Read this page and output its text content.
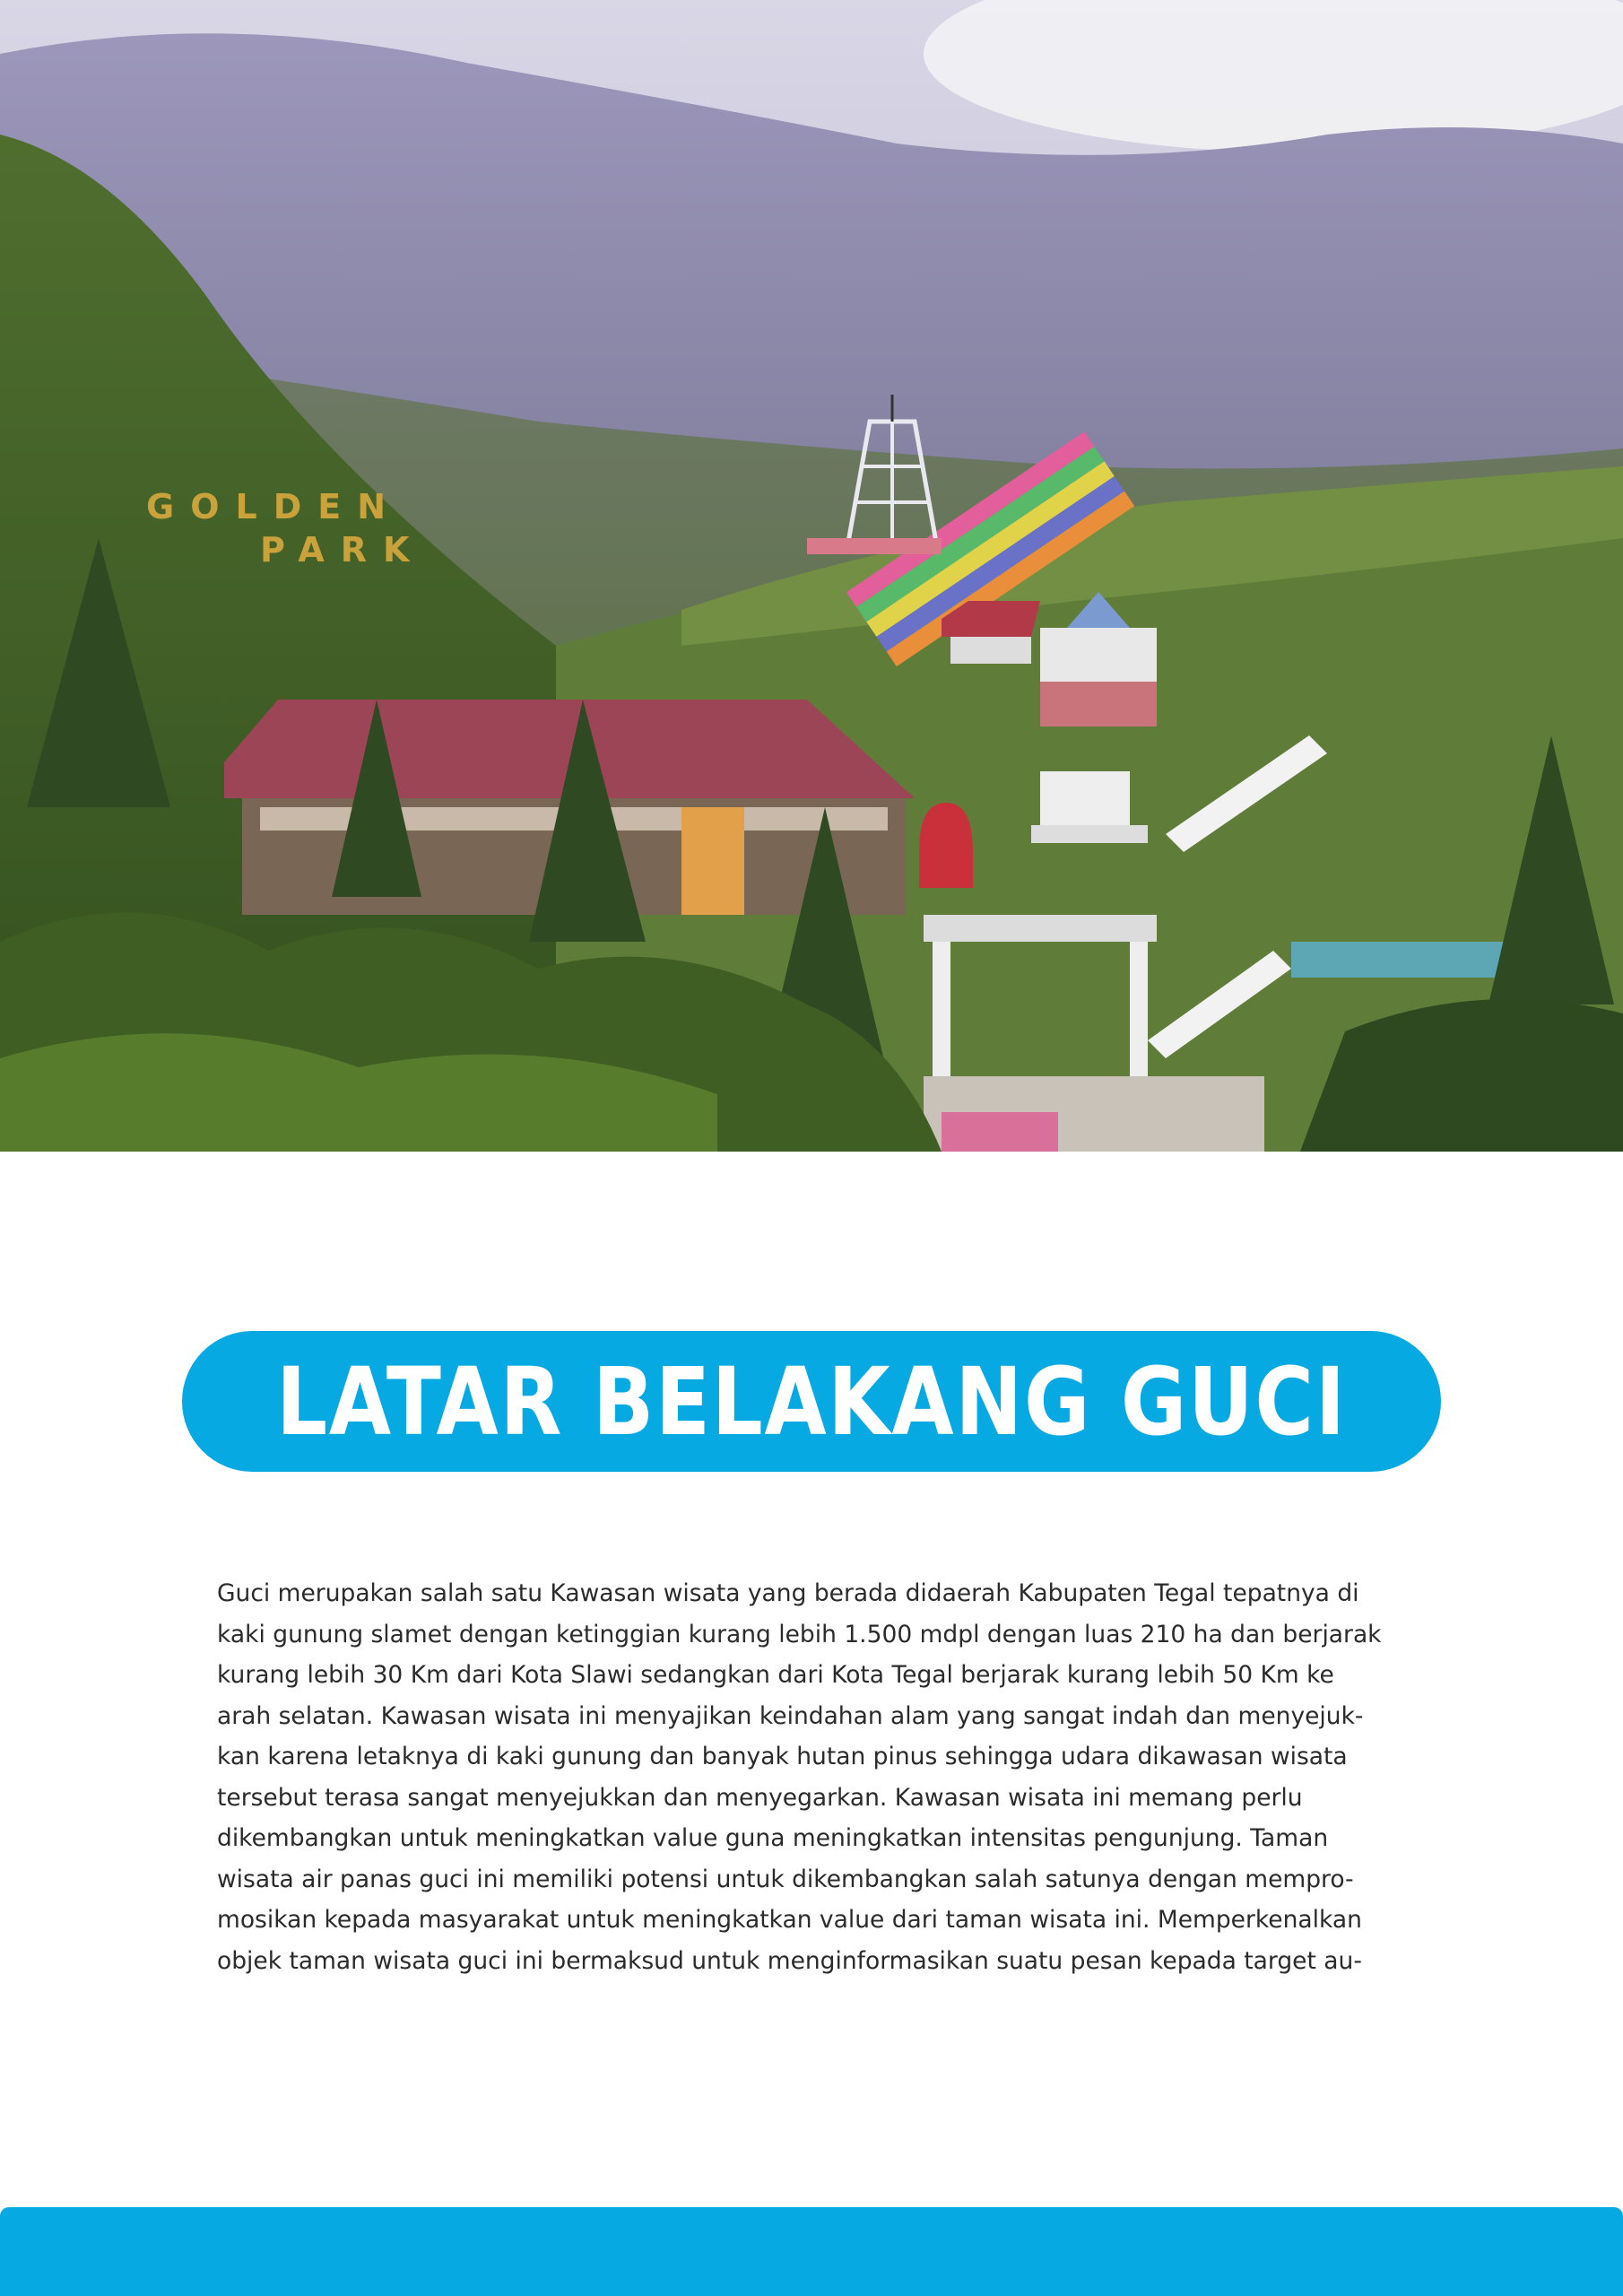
GOLDEN
PARK
LATAR BELAKANG GUCI
Guci merupakan salah satu Kawasan wisata yang berada didaerah Kabupaten Tegal tepatnya di
kaki gunung slamet dengan ketinggian kurang lebih 1.500 mdpl dengan luas 210 ha dan berjarak
kurang lebih 30 Km dari Kota Slawi sedangkan dari Kota Tegal berjarak kurang lebih 50 Km ke
arah selatan. Kawasan wisata ini menyajikan keindahan alam yang sangat indah dan menyejuk-
kan karena letaknya di kaki gunung dan banyak hutan pinus sehingga udara dikawasan wisata
tersebut terasa sangat menyejukkan dan menyegarkan. Kawasan wisata ini memang perlu
dikembangkan untuk meningkatkan value guna meningkatkan intensitas pengunjung. Taman
wisata air panas guci ini memiliki potensi untuk dikembangkan salah satunya dengan mempro-
mosikan kepada masyarakat untuk meningkatkan value dari taman wisata ini. Memperkenalkan
objek taman wisata guci ini bermaksud untuk menginformasikan suatu pesan kepada target au-
